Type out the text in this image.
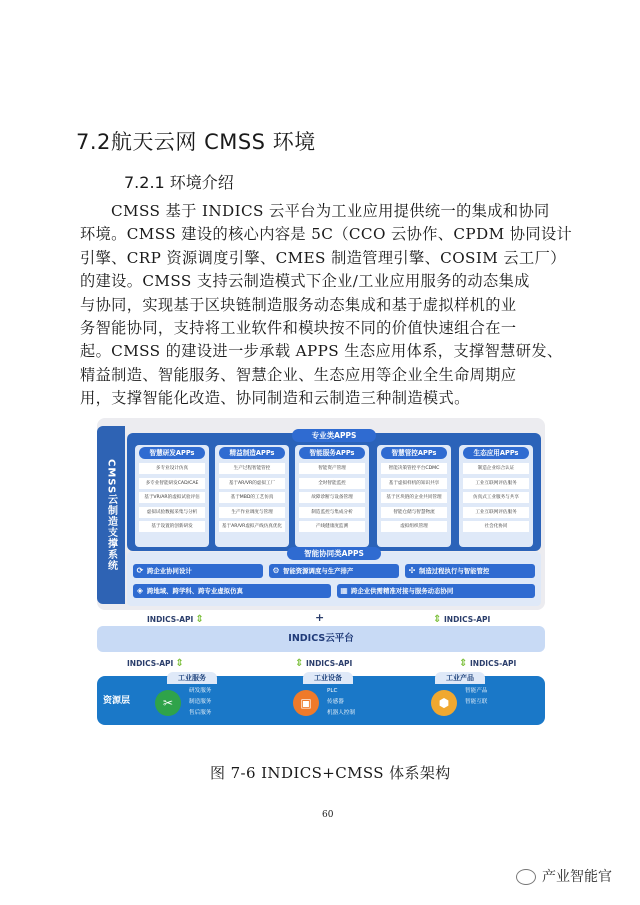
7.2航天云网 CMSS 环境
7.2.1 环境介绍
CMSS 基于 INDICS 云平台为工业应用提供统一的集成和协同
环境。CMSS 建设的核心内容是 5C（CCO 云协作、CPDM 协同设计
引擎、CRP 资源调度引擎、CMES 制造管理引擎、COSIM 云工厂）
的建设。CMSS 支持云制造模式下企业/工业应用服务的动态集成
与协同，实现基于区块链制造服务动态集成和基于虚拟样机的业
务智能协同，支持将工业软件和模块按不同的价值快速组合在一
起。CMSS 的建设进一步承载 APPS 生态应用体系，支撑智慧研发、
精益制造、智能服务、智慧企业、生态应用等企业全生命周期应
用，支撑智能化改造、协同制造和云制造三种制造模式。
CMSS云制造支撑系统
专业类APPS
智慧研发APPs
多专业设计仿真
多专业智能研发CAD/CAE
基于VR/AR的虚拟试验评估
虚拟试验数据采集与分析
基于设置的创新研发
精益制造APPs
生产过程智能管控
基于AR/VR的虚拟工厂
基于MBD的工艺仿真
生产作业调度与管理
基于AR/VR虚拟产线仿真优化
智能服务APPs
智能资产管理
全时智能监控
故障诊断与设备管理
制造监控与集成分析
产线健康度监测
智慧管控APPs
智能决策管控平台CDMC
基于虚拟样机的知识共享
基于区块链的企业共同管理
智能仓储与智慧物流
虚拟组织管理
生态应用APPs
制造企业综合认证
工业互联网评估服务
仿真式工业服务与共享
工业互联网评估服务
社会化协同
智能协同类APPS
⟳ 跨企业协同设计	⚙ 智能资源调度与生产排产	✣ 制造过程执行与智能管控
◈ 跨地域、跨学科、跨专业虚拟仿真	▦ 跨企业供需精准对接与服务动态协同
INDICS-API ⇕	+	⇕ INDICS-API
INDICS云平台
INDICS-API ⇕	⇕ INDICS-API	⇕ INDICS-API
资源层
工业服务
✂
研发服务
制造服务
售后服务
工业设备
▣
PLC
传感器
机器人控制
工业产品
⬢
智能产品
智能互联
图 7-6 INDICS+CMSS 体系架构
60
产业智能官
